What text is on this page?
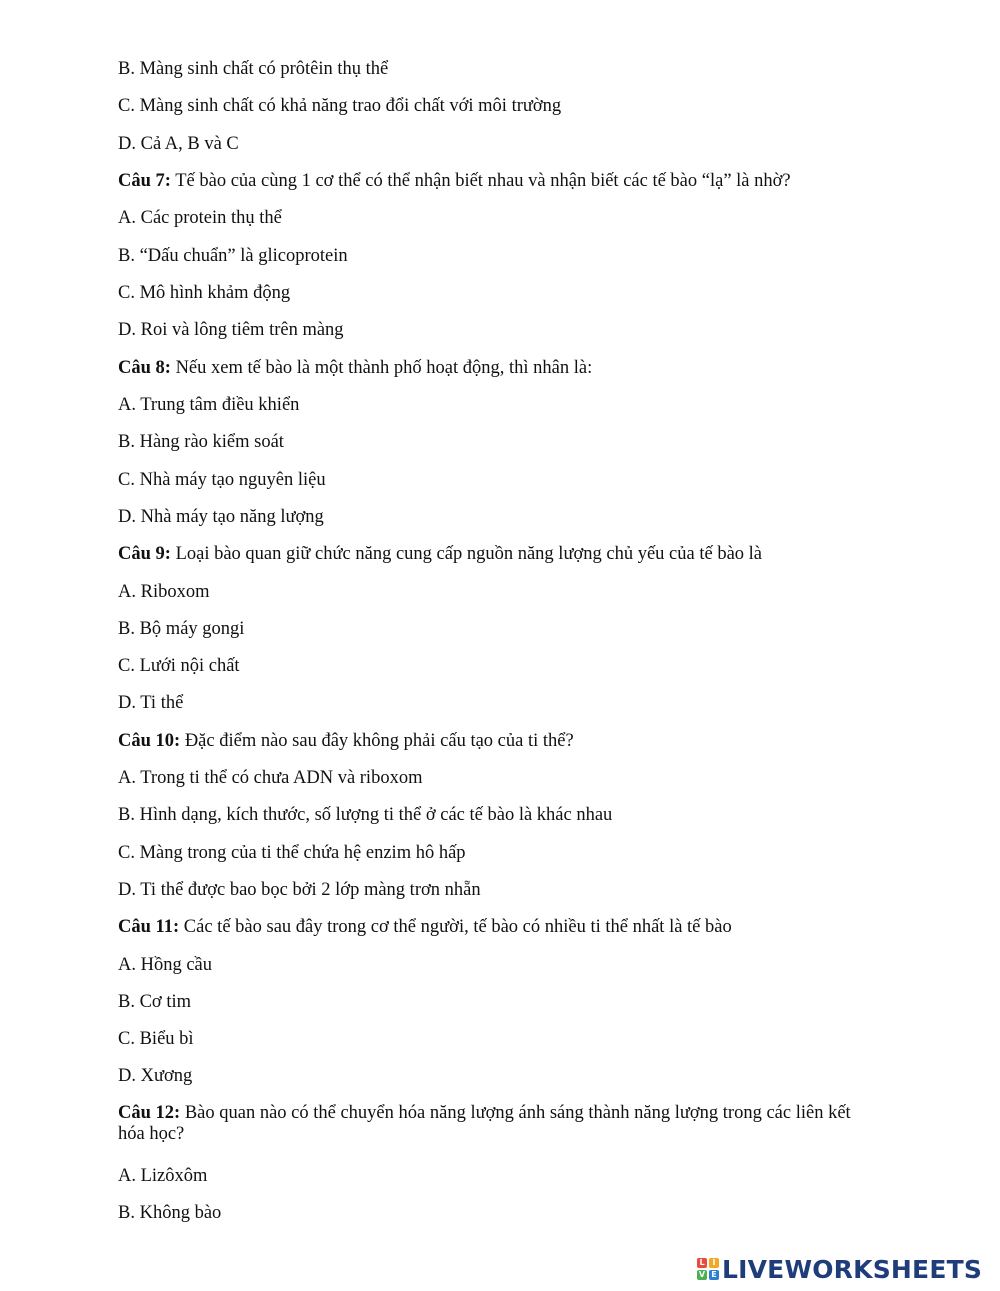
B. Màng sinh chất có prôtêin thụ thể
C. Màng sinh chất có khả năng trao đổi chất với môi trường
D. Cả A, B và C
Câu 7: Tế bào của cùng 1 cơ thể có thể nhận biết nhau và nhận biết các tế bào “lạ” là nhờ?
A. Các protein thụ thể
B. “Dấu chuẩn” là glicoprotein
C. Mô hình khảm động
D. Roi và lông tiêm trên màng
Câu 8: Nếu xem tế bào là một thành phố hoạt động, thì nhân là:
A. Trung tâm điều khiển
B. Hàng rào kiểm soát
C. Nhà máy tạo nguyên liệu
D. Nhà máy tạo năng lượng
Câu 9: Loại bào quan giữ chức năng cung cấp nguồn năng lượng chủ yếu của tế bào là
A. Riboxom
B. Bộ máy gongi
C. Lưới nội chất
D. Ti thể
Câu 10: Đặc điểm nào sau đây không phải cấu tạo của ti thể?
A. Trong ti thể có chưa ADN và riboxom
B. Hình dạng, kích thước, số lượng ti thể ở các tế bào là khác nhau
C. Màng trong của ti thể chứa hệ enzim hô hấp
D. Ti thể được bao bọc bởi 2 lớp màng trơn nhẵn
Câu 11: Các tế bào sau đây trong cơ thể người, tế bào có nhiều ti thể nhất là tế bào
A. Hồng cầu
B. Cơ tim
C. Biểu bì
D. Xương
Câu 12: Bào quan nào có thể chuyển hóa năng lượng ánh sáng thành năng lượng trong các liên kết hóa học?
A. Lizôxôm
B. Không bào
L I
V E LIVEWORKSHEETS
